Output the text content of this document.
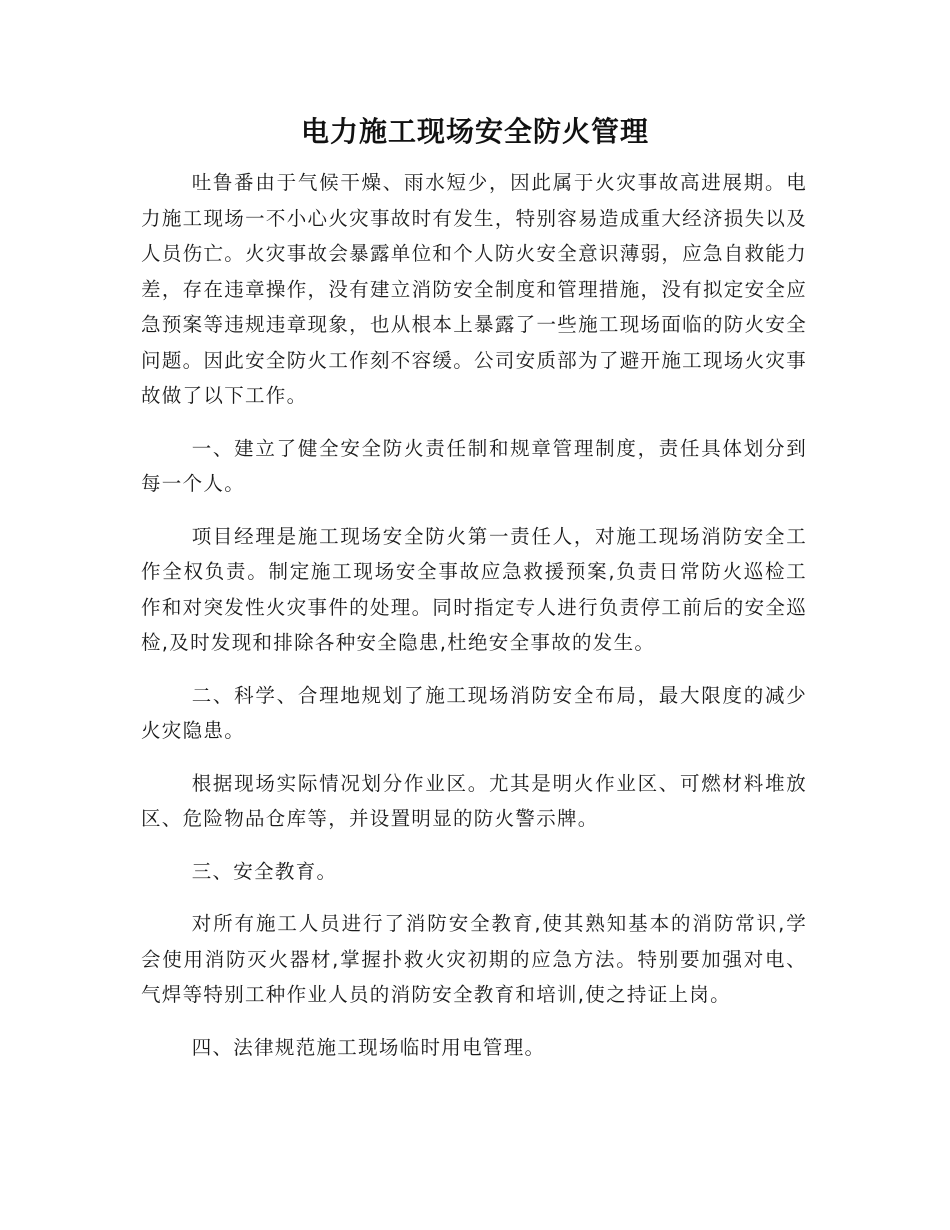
电力施工现场安全防火管理

吐鲁番由于气候干燥、雨水短少，因此属于火灾事故高进展期。电力施工现场一不小心火灾事故时有发生，特别容易造成重大经济损失以及人员伤亡。火灾事故会暴露单位和个人防火安全意识薄弱，应急自救能力差，存在违章操作，没有建立消防安全制度和管理措施，没有拟定安全应急预案等违规违章现象，也从根本上暴露了一些施工现场面临的防火安全问题。因此安全防火工作刻不容缓。公司安质部为了避开施工现场火灾事故做了以下工作。

一、建立了健全安全防火责任制和规章管理制度，责任具体划分到每一个人。

项目经理是施工现场安全防火第一责任人，对施工现场消防安全工作全权负责。制定施工现场安全事故应急救援预案,负责日常防火巡检工作和对突发性火灾事件的处理。同时指定专人进行负责停工前后的安全巡检,及时发现和排除各种安全隐患,杜绝安全事故的发生。

二、科学、合理地规划了施工现场消防安全布局，最大限度的减少火灾隐患。

根据现场实际情况划分作业区。尤其是明火作业区、可燃材料堆放区、危险物品仓库等，并设置明显的防火警示牌。

三、安全教育。

对所有施工人员进行了消防安全教育,使其熟知基本的消防常识,学会使用消防灭火器材,掌握扑救火灾初期的应急方法。特别要加强对电、气焊等特别工种作业人员的消防安全教育和培训,使之持证上岗。

四、法律规范施工现场临时用电管理。
